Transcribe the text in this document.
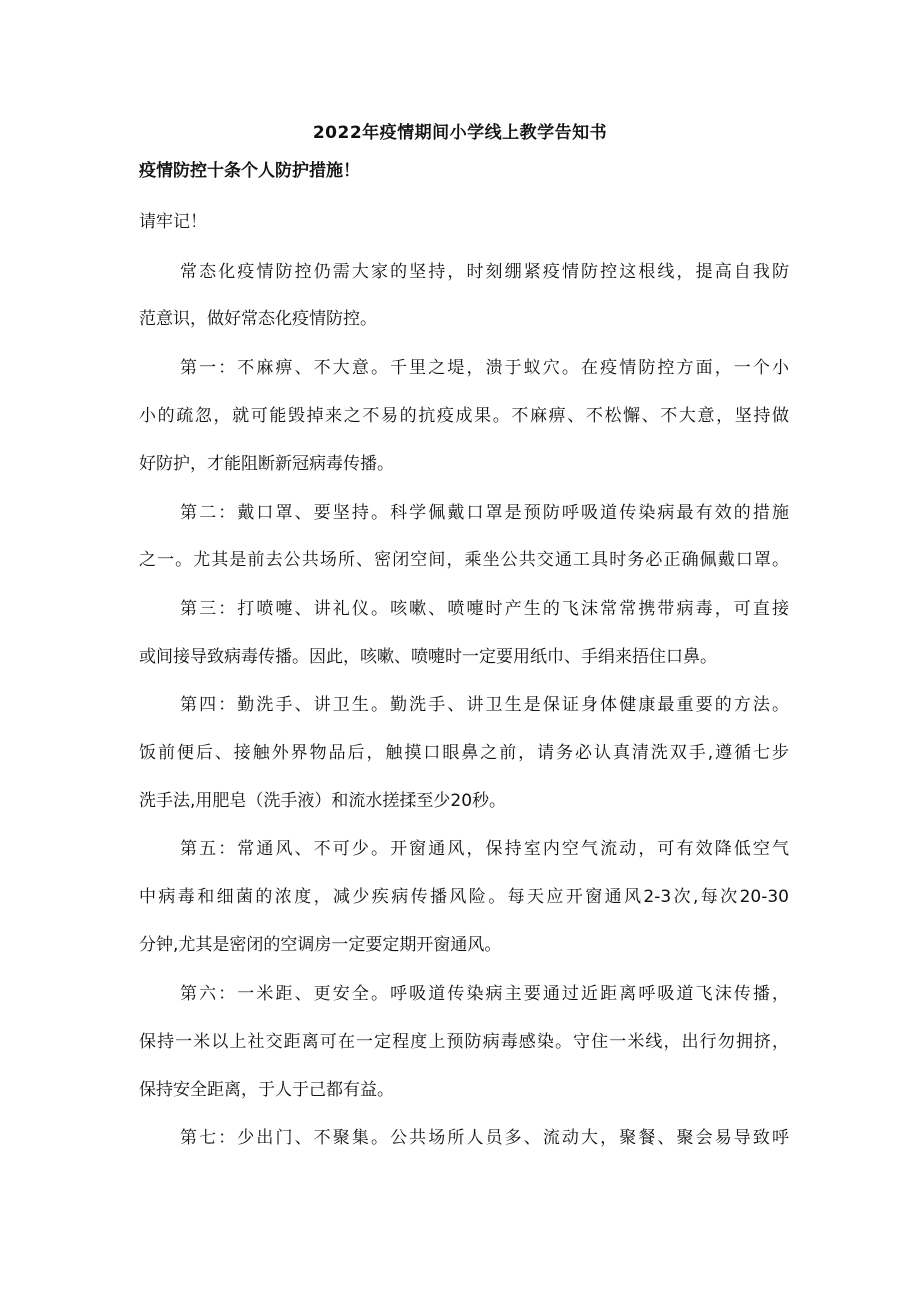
2022年疫情期间小学线上教学告知书
疫情防控十条个人防护措施！
请牢记！
常态化疫情防控仍需大家的坚持，时刻绷紧疫情防控这根线，提高自我防
范意识，做好常态化疫情防控。
第一：不麻痹、不大意。千里之堤，溃于蚁穴。在疫情防控方面，一个小
小的疏忽，就可能毁掉来之不易的抗疫成果。不麻痹、不松懈、不大意，坚持做
好防护，才能阻断新冠病毒传播。
第二：戴口罩、要坚持。科学佩戴口罩是预防呼吸道传染病最有效的措施
之一。尤其是前去公共场所、密闭空间，乘坐公共交通工具时务必正确佩戴口罩。
第三：打喷嚏、讲礼仪。咳嗽、喷嚏时产生的飞沫常常携带病毒，可直接
或间接导致病毒传播。因此，咳嗽、喷嚏时一定要用纸巾、手绢来捂住口鼻。
第四：勤洗手、讲卫生。勤洗手、讲卫生是保证身体健康最重要的方法。
饭前便后、接触外界物品后，触摸口眼鼻之前，请务必认真清洗双手,遵循七步
洗手法,用肥皂（洗手液）和流水搓揉至少20秒。
第五：常通风、不可少。开窗通风，保持室内空气流动，可有效降低空气
中病毒和细菌的浓度，减少疾病传播风险。每天应开窗通风2-3次,每次20-30
分钟,尤其是密闭的空调房一定要定期开窗通风。
第六：一米距、更安全。呼吸道传染病主要通过近距离呼吸道飞沫传播，
保持一米以上社交距离可在一定程度上预防病毒感染。守住一米线，出行勿拥挤，
保持安全距离，于人于己都有益。
第七：少出门、不聚集。公共场所人员多、流动大，聚餐、聚会易导致呼
